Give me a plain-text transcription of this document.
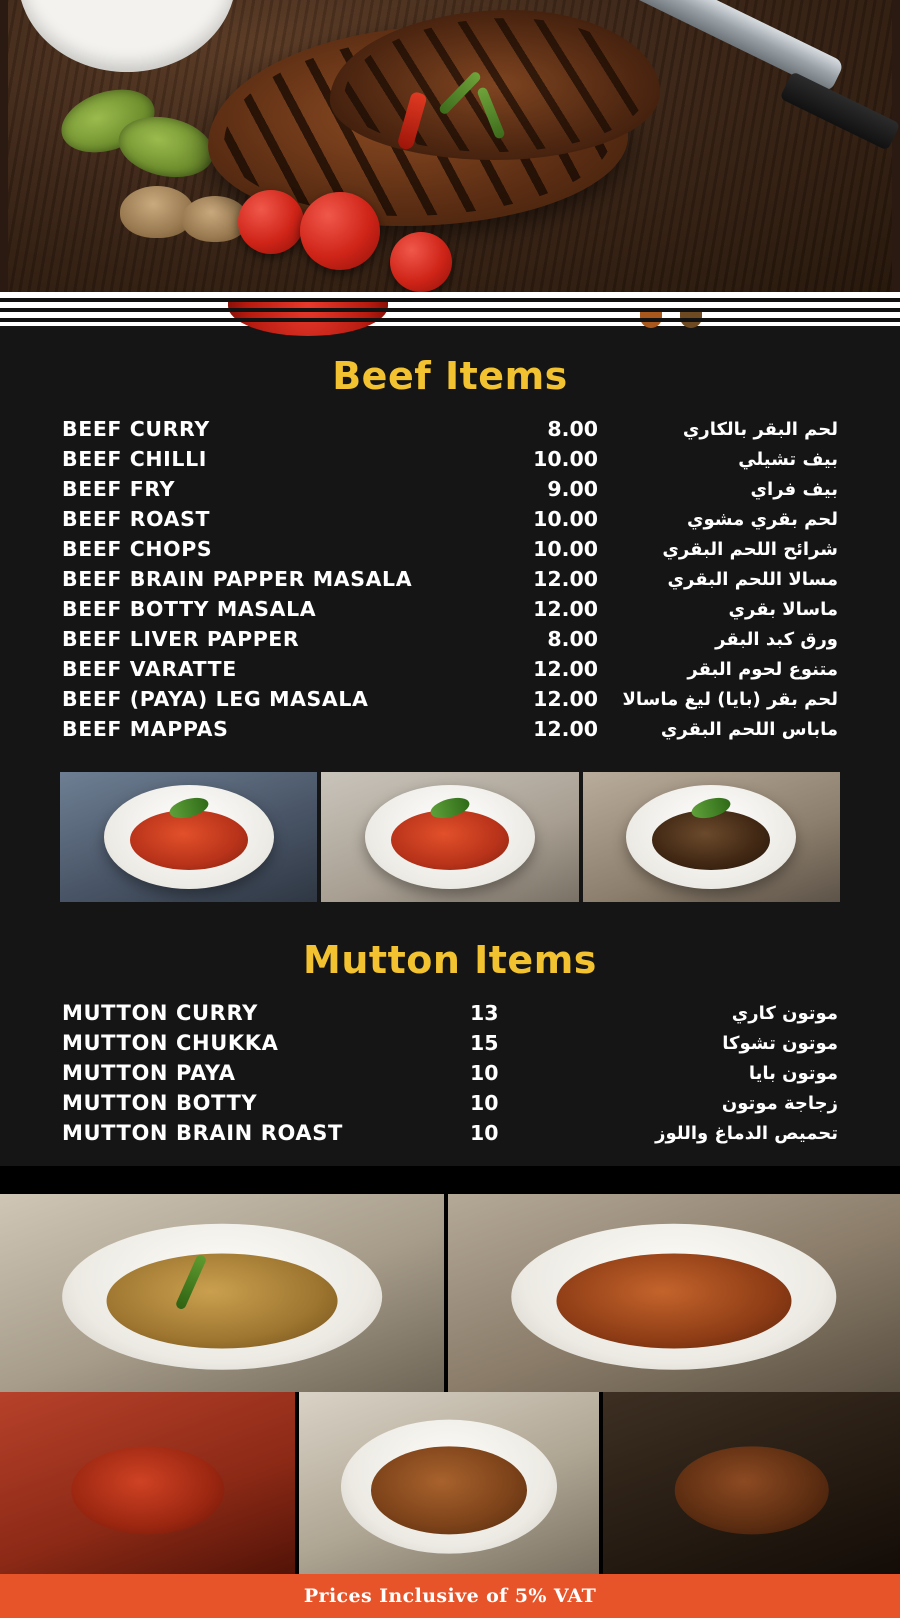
Beef Items
BEEF CURRY	8.00	لحم البقر بالكاري
BEEF CHILLI	10.00	بيف تشيلي
BEEF FRY	9.00	بيف فراي
BEEF ROAST	10.00	لحم بقري مشوي
BEEF CHOPS	10.00	شرائح اللحم البقري
BEEF BRAIN PAPPER MASALA	12.00	مسالا اللحم البقري
BEEF BOTTY MASALA	12.00	ماسالا بقري
BEEF LIVER PAPPER	8.00	ورق كبد البقر
BEEF VARATTE	12.00	متنوع لحوم البقر
BEEF (PAYA) LEG MASALA	12.00	لحم بقر (بايا) ليغ ماسالا
BEEF MAPPAS	12.00	ماباس اللحم البقري
Mutton Items
MUTTON CURRY	13	موتون كاري
MUTTON CHUKKA	15	موتون تشوكا
MUTTON PAYA	10	موتون بايا
MUTTON BOTTY	10	زجاجة موتون
MUTTON BRAIN ROAST	10	تحميص الدماغ واللوز
Prices Inclusive of 5% VAT
